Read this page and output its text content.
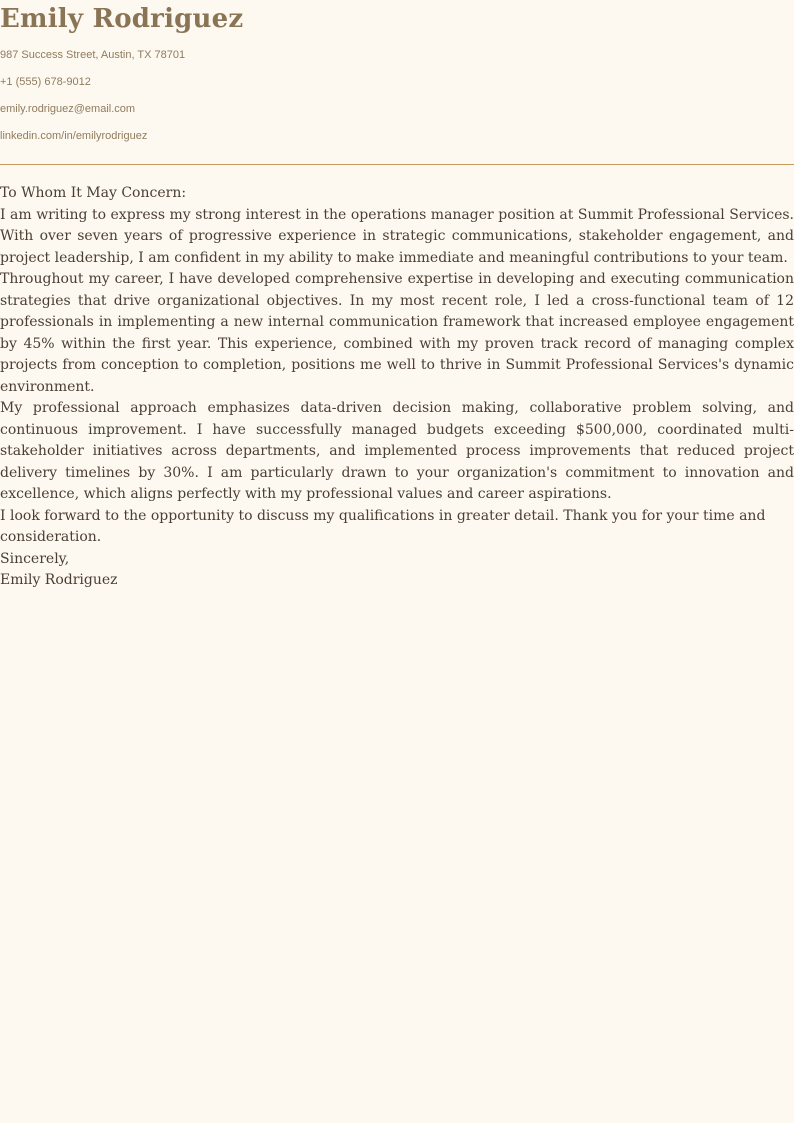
Emily Rodriguez

987 Success Street, Austin, TX 78701

+1 (555) 678-9012

emily.rodriguez@email.com

linkedin.com/in/emilyrodriguez

To Whom It May Concern:

I am writing to express my strong interest in the operations manager position at Summit Professional Services. With over seven years of progressive experience in strategic communications, stakeholder engagement, and project leadership, I am confident in my ability to make immediate and meaningful contributions to your team.

Throughout my career, I have developed comprehensive expertise in developing and executing communication strategies that drive organizational objectives. In my most recent role, I led a cross-functional team of 12 professionals in implementing a new internal communication framework that increased employee engagement by 45% within the first year. This experience, combined with my proven track record of managing complex projects from conception to completion, positions me well to thrive in Summit Professional Services's dynamic environment.

My professional approach emphasizes data-driven decision making, collaborative problem solving, and continuous improvement. I have successfully managed budgets exceeding $500,000, coordinated multi-stakeholder initiatives across departments, and implemented process improvements that reduced project delivery timelines by 30%. I am particularly drawn to your organization's commitment to innovation and excellence, which aligns perfectly with my professional values and career aspirations.

I look forward to the opportunity to discuss my qualifications in greater detail. Thank you for your time and consideration.

Sincerely,

Emily Rodriguez
